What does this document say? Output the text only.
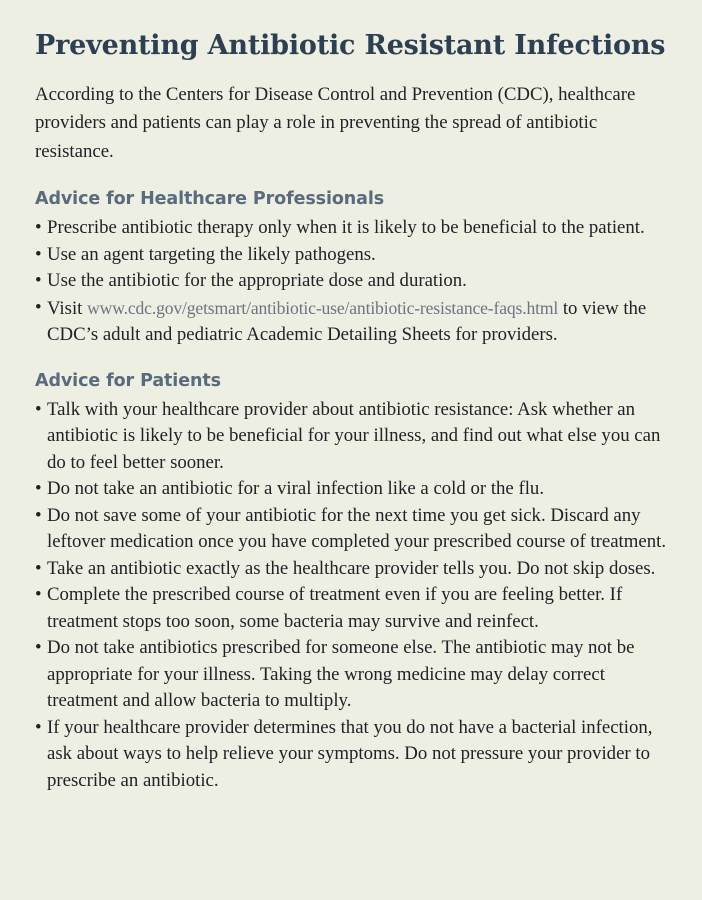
Preventing Antibiotic Resistant Infections

According to the Centers for Disease Control and Prevention (CDC), healthcare providers and patients can play a role in preventing the spread of antibiotic resistance.

Advice for Healthcare Professionals
• Prescribe antibiotic therapy only when it is likely to be beneficial to the patient.
• Use an agent targeting the likely pathogens.
• Use the antibiotic for the appropriate dose and duration.
• Visit www.cdc.gov/getsmart/antibiotic-use/antibiotic-resistance-faqs.html to view the CDC’s adult and pediatric Academic Detailing Sheets for providers.
Advice for Patients
• Talk with your healthcare provider about antibiotic resistance: Ask whether an antibiotic is likely to be beneficial for your illness, and find out what else you can do to feel better sooner.
• Do not take an antibiotic for a viral infection like a cold or the flu.
• Do not save some of your antibiotic for the next time you get sick. Discard any leftover medication once you have completed your prescribed course of treatment.
• Take an antibiotic exactly as the healthcare provider tells you. Do not skip doses.
• Complete the prescribed course of treatment even if you are feeling better. If treatment stops too soon, some bacteria may survive and reinfect.
• Do not take antibiotics prescribed for someone else. The antibiotic may not be appropriate for your illness. Taking the wrong medicine may delay correct treatment and allow bacteria to multiply.
• If your healthcare provider determines that you do not have a bacterial infection, ask about ways to help relieve your symptoms. Do not pressure your provider to prescribe an antibiotic.
